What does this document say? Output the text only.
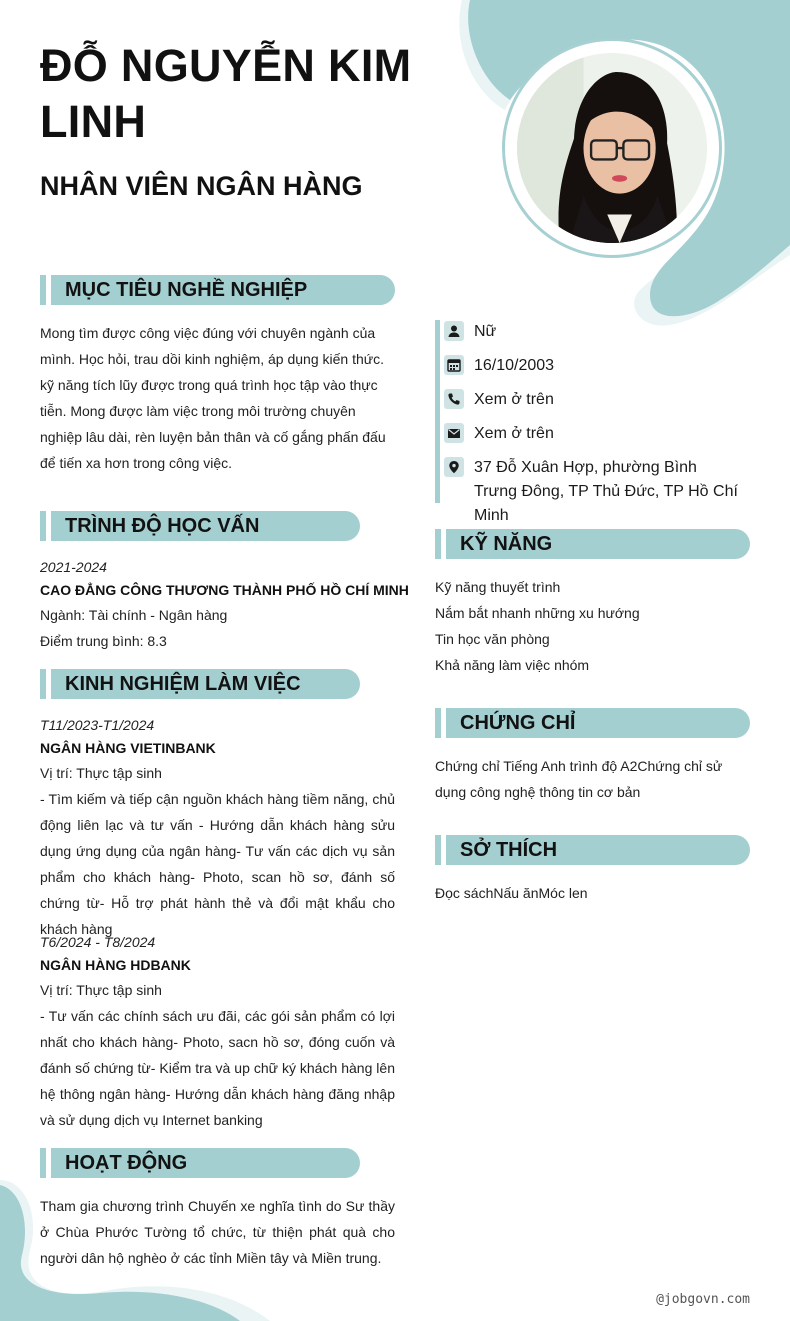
ĐỖ NGUYỄN KIM LINH
NHÂN VIÊN NGÂN HÀNG
MỤC TIÊU NGHỀ NGHIỆP
Mong tìm được công việc đúng với chuyên ngành của mình. Học hỏi, trau dồi kinh nghiệm, áp dụng kiến thức. kỹ năng tích lũy được trong quá trình học tập vào thực tiễn. Mong được làm việc trong môi trường chuyên nghiệp lâu dài, rèn luyện bản thân và cố gắng phấn đấu để tiến xa hơn trong công việc.
TRÌNH ĐỘ HỌC VẤN
2021-2024
CAO ĐẲNG CÔNG THƯƠNG THÀNH PHỐ HỒ CHÍ MINH
Ngành: Tài chính - Ngân hàng
Điểm trung bình: 8.3
KINH NGHIỆM LÀM VIỆC
T11/2023-T1/2024
NGÂN HÀNG VIETINBANK
Vị trí: Thực tập sinh
- Tìm kiếm và tiếp cận nguồn khách hàng tiềm năng, chủ động liên lạc và tư vấn - Hướng dẫn khách hàng sửu dụng ứng dụng của ngân hàng- Tư vấn các dịch vụ sản phẩm cho khách hàng- Photo, scan hồ sơ, đánh số chứng từ- Hỗ trợ phát hành thẻ và đổi mật khẩu cho khách hàng
T6/2024 - T8/2024
NGÂN HÀNG HDBANK
Vị trí: Thực tập sinh
- Tư vấn các chính sách ưu đãi, các gói sản phẩm có lợi nhất cho khách hàng- Photo, sacn hồ sơ, đóng cuốn và đánh số chứng từ- Kiểm tra và up chữ ký khách hàng lên hệ thông ngân hàng- Hướng dẫn khách hàng đăng nhập và sử dụng dịch vụ Internet banking
HOẠT ĐỘNG
Tham gia chương trình Chuyến xe nghĩa tình do Sư thầy ở Chùa Phước Tường tổ chức, từ thiện phát quà cho người dân hộ nghèo ở các tỉnh Miền tây và Miền trung.
Nữ
16/10/2003
Xem ở trên
Xem ở trên
37 Đỗ Xuân Hợp, phường Bình Trưng Đông, TP Thủ Đức, TP Hồ Chí Minh
KỸ NĂNG
Kỹ năng thuyết trình
Nắm bắt nhanh những xu hướng
Tin học văn phòng
Khả năng làm việc nhóm
CHỨNG CHỈ
Chứng chỉ Tiếng Anh trình độ A2Chứng chỉ sử dụng công nghệ thông tin cơ bản
SỞ THÍCH
Đọc sáchNấu ănMóc len
@jobgovn.com
